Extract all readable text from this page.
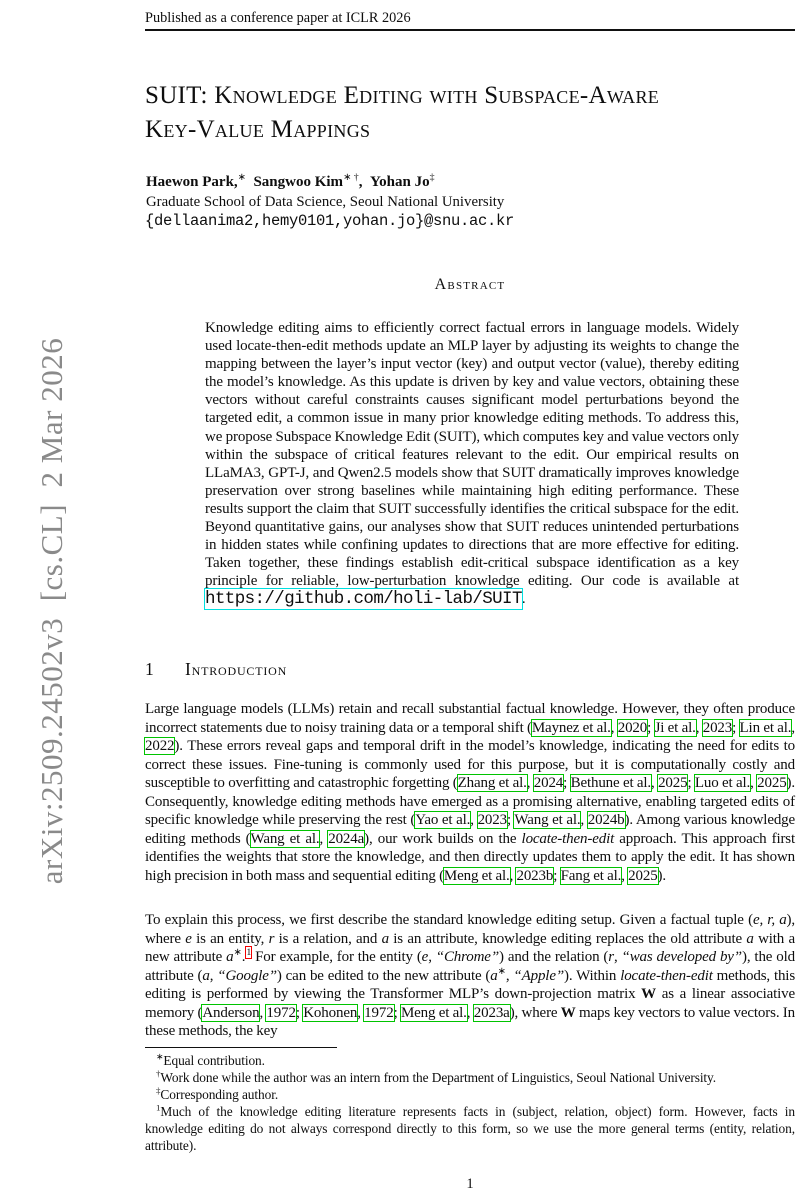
arXiv:2509.24502v3  [cs.CL]  2 Mar 2026
Published as a conference paper at ICLR 2026
SUIT: Knowledge Editing with Subspace-Aware
Key-Value Mappings
Haewon Park,∗  Sangwoo Kim∗ †, Yohan Jo‡
Graduate School of Data Science, Seoul National University
{dellaanima2,hemy0101,yohan.jo}@snu.ac.kr
Abstract
Knowledge editing aims to efficiently correct factual errors in language models. Widely used locate-then-edit methods update an MLP layer by adjusting its weights to change the mapping between the layer’s input vector (key) and output vector (value), thereby editing the model’s knowledge. As this update is driven by key and value vectors, obtaining these vectors without careful constraints causes significant model perturbations beyond the targeted edit, a common issue in many prior knowledge editing methods. To address this, we propose Subspace Knowledge Edit (SUIT), which computes key and value vectors only within the subspace of critical features relevant to the edit. Our empirical results on LLaMA3, GPT-J, and Qwen2.5 models show that SUIT dramatically improves knowledge preservation over strong baselines while maintaining high editing performance. These results support the claim that SUIT successfully identifies the critical subspace for the edit. Beyond quantitative gains, our analyses show that SUIT reduces unintended perturbations in hidden states while confining updates to directions that are more effective for editing. Taken together, these findings establish edit-critical subspace identification as a key principle for reliable, low-perturbation knowledge editing. Our code is available at https://github.com/holi-lab/SUIT.
1 Introduction
Large language models (LLMs) retain and recall substantial factual knowledge. However, they often produce incorrect statements due to noisy training data or a temporal shift (Maynez et al., 2020; Ji et al., 2023; Lin et al., 2022). These errors reveal gaps and temporal drift in the model’s knowledge, indicating the need for edits to correct these issues. Fine-tuning is commonly used for this purpose, but it is computationally costly and susceptible to overfitting and catastrophic forgetting (Zhang et al., 2024; Bethune et al., 2025; Luo et al., 2025). Consequently, knowledge editing methods have emerged as a promising alternative, enabling targeted edits of specific knowledge while preserving the rest (Yao et al., 2023; Wang et al., 2024b). Among various knowledge editing methods (Wang et al., 2024a), our work builds on the locate-then-edit approach. This approach first identifies the weights that store the knowledge, and then directly updates them to apply the edit. It has shown high precision in both mass and sequential editing (Meng et al., 2023b; Fang et al., 2025).
To explain this process, we first describe the standard knowledge editing setup. Given a factual tuple (e, r, a), where e is an entity, r is a relation, and a is an attribute, knowledge editing replaces the old attribute a with a new attribute a∗.$^1$ For example, for the entity (e, “Chrome”) and the relation (r, “was developed by”), the old attribute (a, “Google”) can be edited to the new attribute (a∗, “Apple”). Within locate-then-edit methods, this editing is performed by viewing the Transformer MLP’s down-projection matrix W as a linear associative memory (Anderson, 1972; Kohonen, 1972; Meng et al., 2023a), where W maps key vectors to value vectors. In these methods, the key

∗Equal contribution.

†Work done while the author was an intern from the Department of Linguistics, Seoul National University.

‡Corresponding author.

$^1$Much of the knowledge editing literature represents facts in (subject, relation, object) form. However, facts in knowledge editing do not always correspond directly to this form, so we use the more general terms (entity, relation, attribute).

1
